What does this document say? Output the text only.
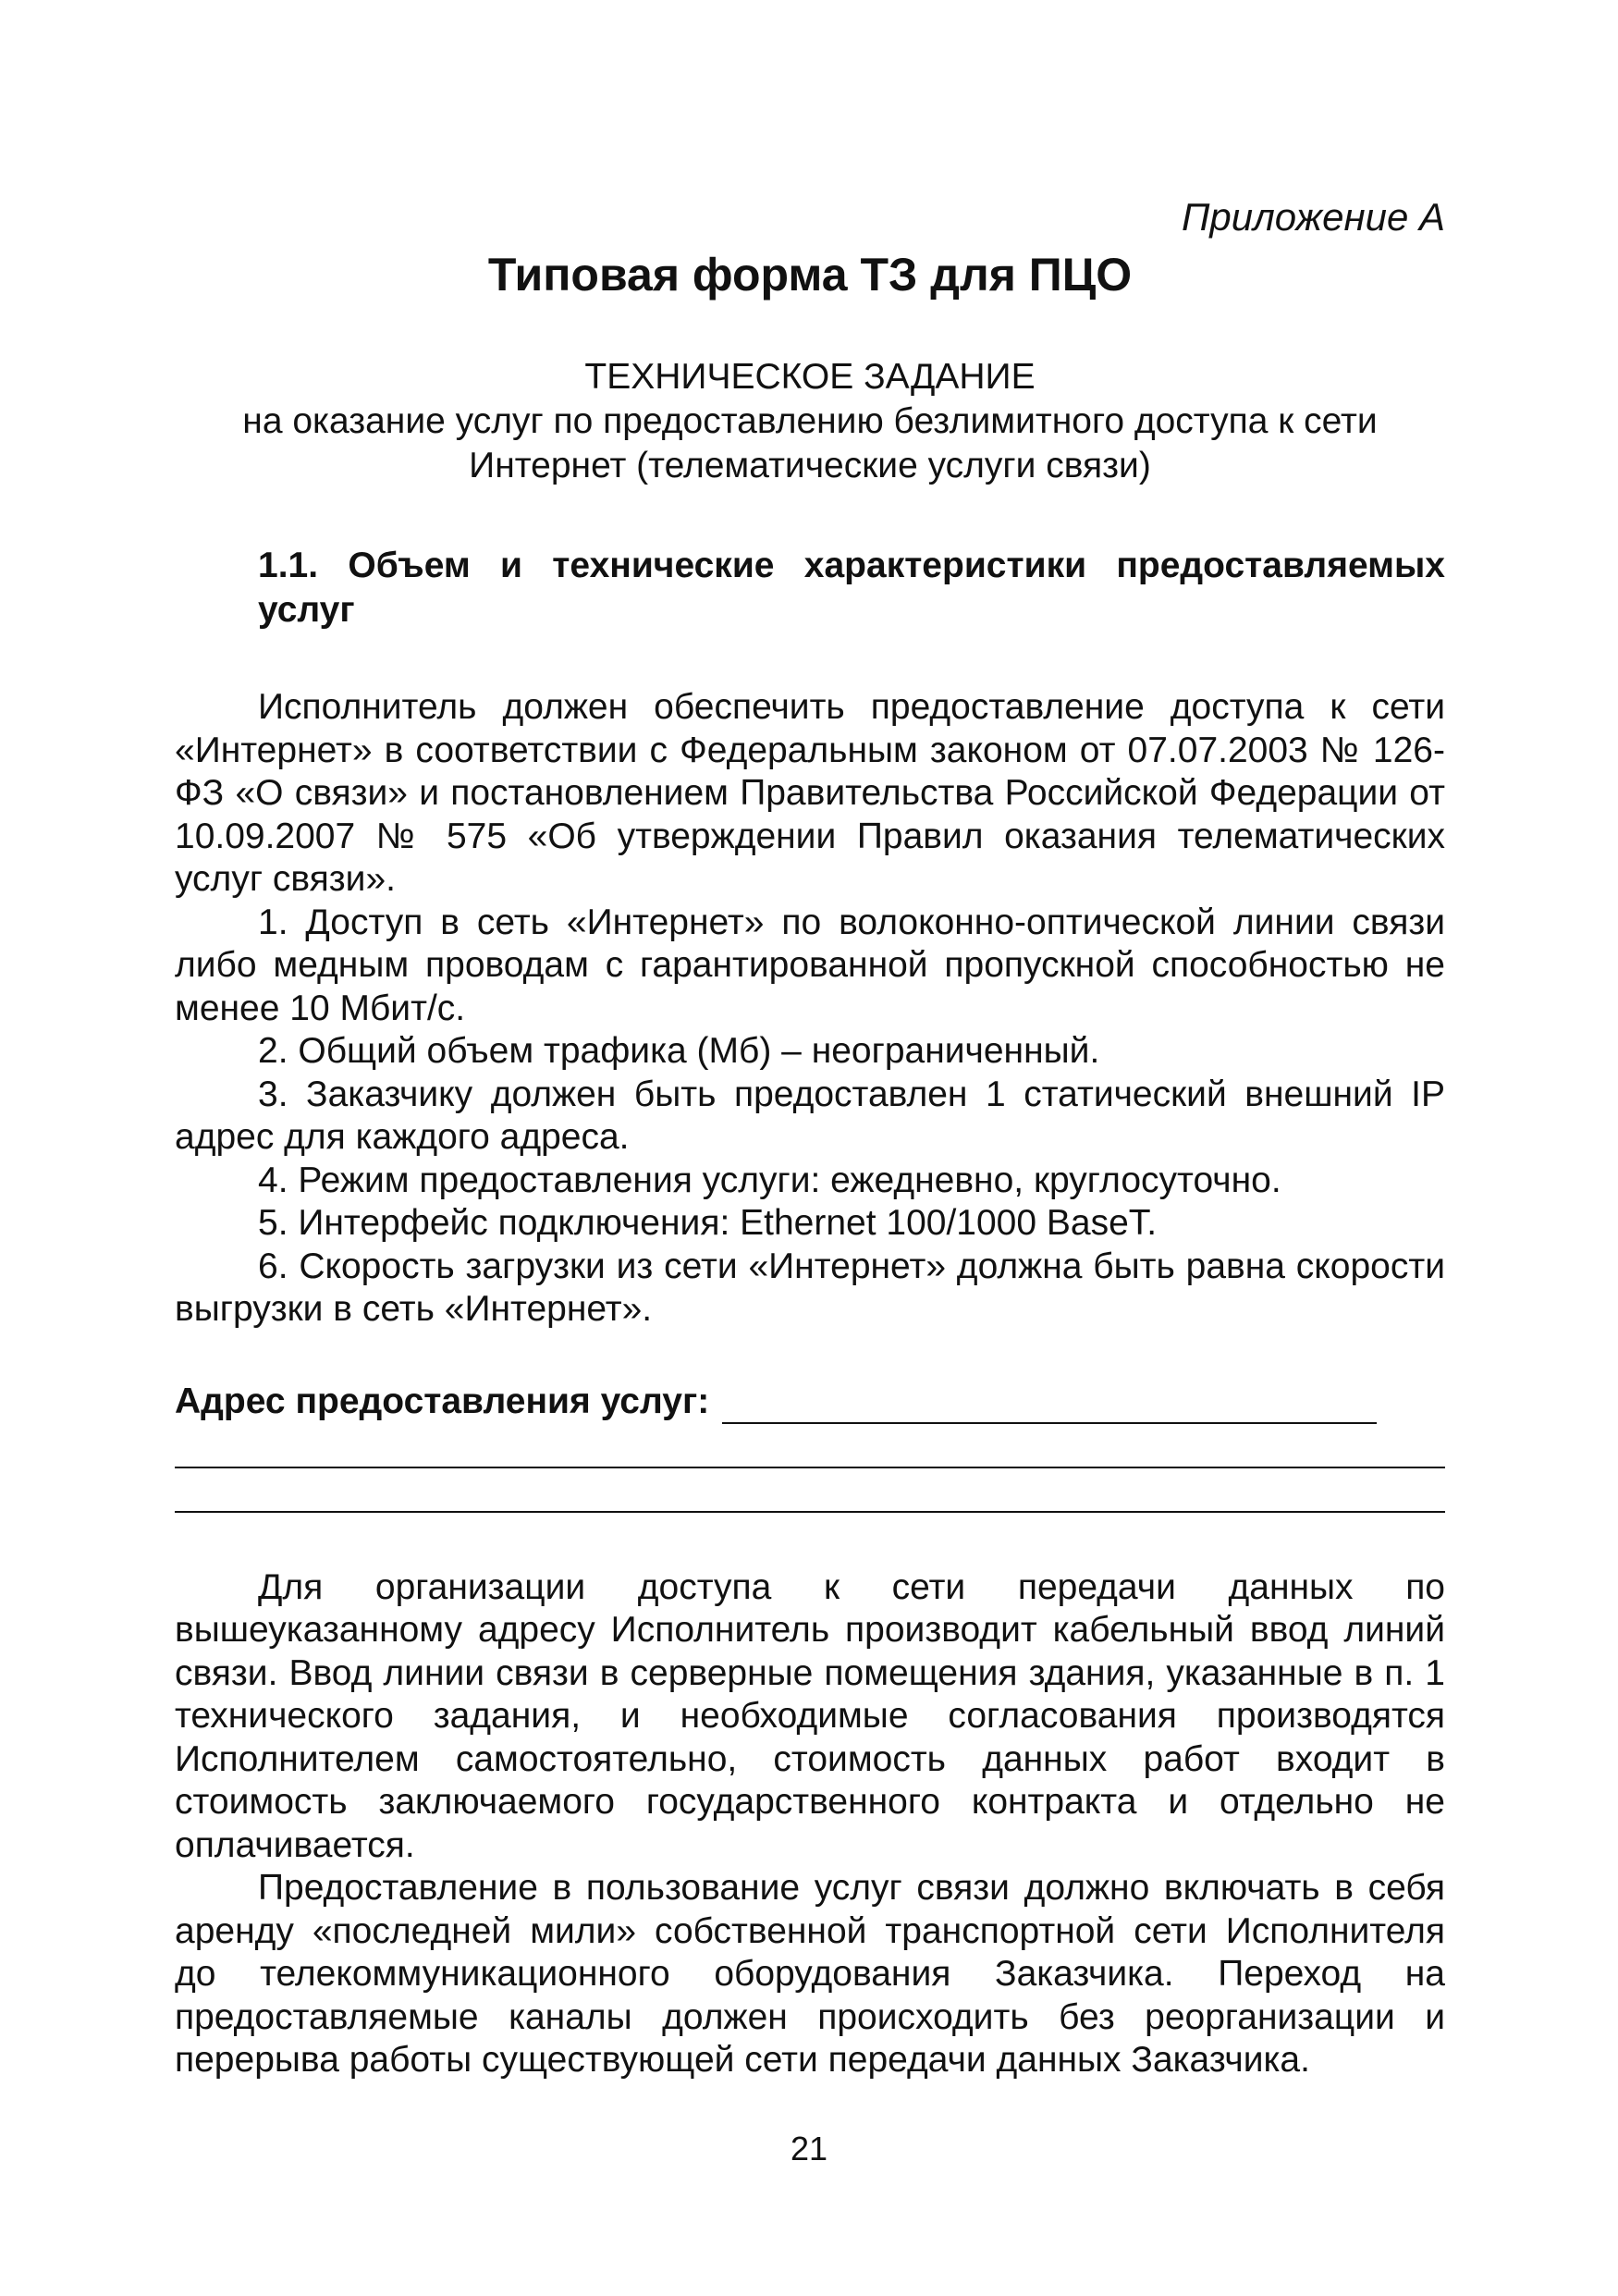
Приложение А

Типовая форма ТЗ для ПЦО
ТЕХНИЧЕСКОЕ ЗАДАНИЕ
на оказание услуг по предоставлению безлимитного доступа к сети
Интернет (телематические услуги связи)
1.1. Объем и технические характеристики предоставляемых услуг

Исполнитель должен обеспечить предоставление доступа к сети «Интернет» в соответствии с Федеральным законом от 07.07.2003 № 126-ФЗ «О связи» и постановлением Правительства Российской Федерации от 10.09.2007 № 575 «Об утверждении Правил оказания телематических услуг связи».

1. Доступ в сеть «Интернет» по волоконно-оптической линии связи либо медным проводам с гарантированной пропускной способностью не менее 10 Мбит/с.

2. Общий объем трафика (Мб) – неограниченный.

3. Заказчику должен быть предоставлен 1 статический внешний IP адрес для каждого адреса.

4. Режим предоставления услуги: ежедневно, круглосуточно.

5. Интерфейс подключения: Ethernet 100/1000 BaseT.

6. Скорость загрузки из сети «Интернет» должна быть равна скорости выгрузки в сеть «Интернет».

Адрес предоставления услуг:

Для организации доступа к сети передачи данных по вышеуказанному адресу Исполнитель производит кабельный ввод линий связи. Ввод линии связи в серверные помещения здания, указанные в п. 1 технического задания, и необходимые согласования производятся Исполнителем самостоятельно, стоимость данных работ входит в стоимость заключаемого государственного контракта и отдельно не оплачивается.

Предоставление в пользование услуг связи должно включать в себя аренду «последней мили» собственной транспортной сети Исполнителя до телекоммуникационного оборудования Заказчика. Переход на предоставляемые каналы должен происходить без реорганизации и перерыва работы существующей сети передачи данных Заказчика.

21
